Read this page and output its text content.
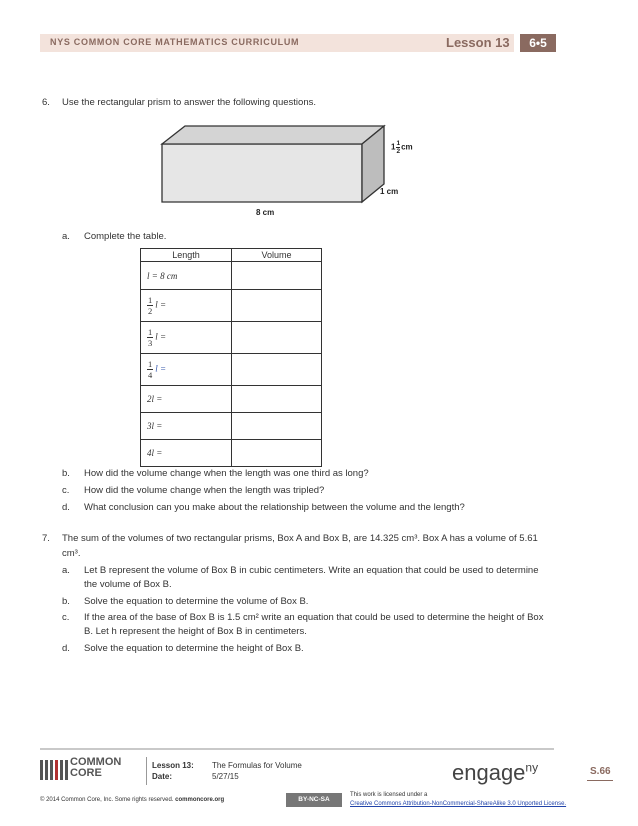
NYS COMMON CORE MATHEMATICS CURRICULUM	Lesson 13	6•5
6. Use the rectangular prism to answer the following questions.
$1 \frac{1}{2}$ cm
1 cm
8 cm
a. Complete the table.
Length	Volume
l = 8 cm	

$\frac{1}{2}$ l =	

$\frac{1}{3}$ l =	

$\frac{1}{4}$ l =	
2l =	
3l =	
4l =	
b. How did the volume change when the length was one third as long?
c. How did the volume change when the length was tripled?
d. What conclusion can you make about the relationship between the volume and the length?
7. The sum of the volumes of two rectangular prisms, Box A and Box B, are 14.325 cm³. Box A has a volume of 5.61
cm³.
a. Let B represent the volume of Box B in cubic centimeters. Write an equation that could be used to determine
the volume of Box B.
b. Solve the equation to determine the volume of Box B.
c. If the area of the base of Box B is 1.5 cm² write an equation that could be used to determine the height of Box
B. Let h represent the height of Box B in centimeters.
d. Solve the equation to determine the height of Box B.
COMMON
CORE
Lesson 13: The Formulas for Volume
Date:	5/27/15	engage$^{ny}$	S.66
© 2014 Common Core, Inc. Some rights reserved. commoncore.org	BY-NC-SA
This work is licensed under a
Creative Commons Attribution-NonCommercial-ShareAlike 3.0 Unported License.
